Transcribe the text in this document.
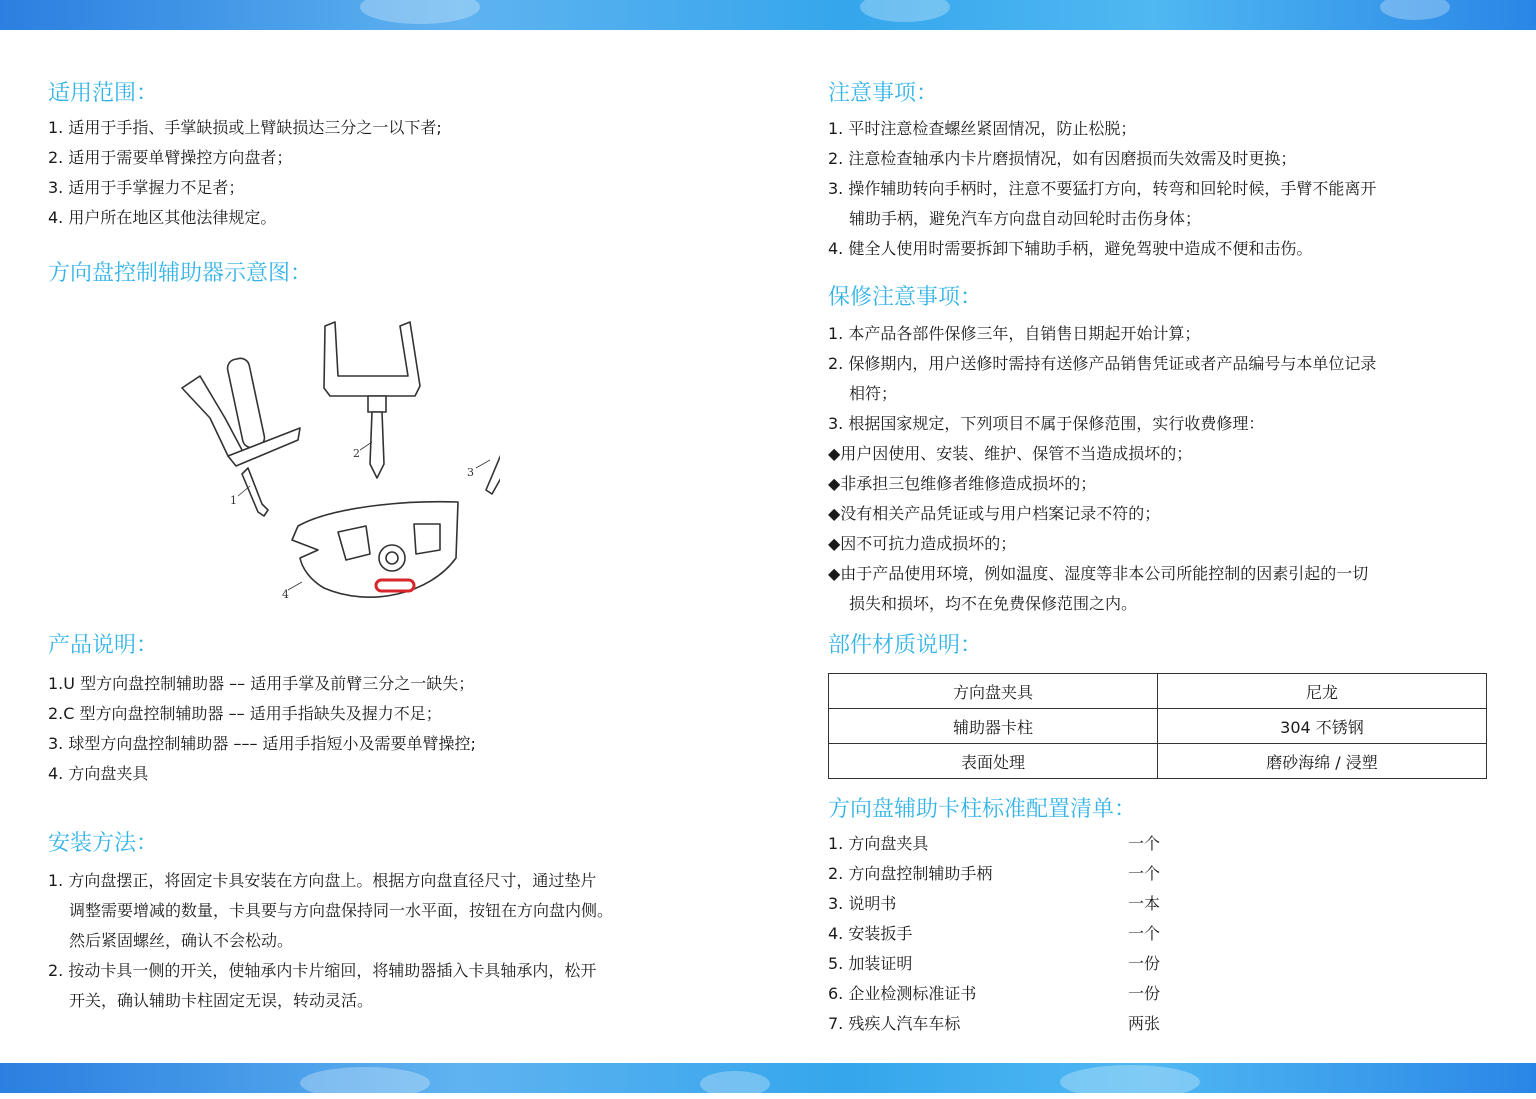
适用范围：
1. 适用于手指、手掌缺损或上臂缺损达三分之一以下者;
2. 适用于需要单臂操控方向盘者；
3. 适用于手掌握力不足者；
4. 用户所在地区其他法律规定。
方向盘控制辅助器示意图：
产品说明：
1.U 型方向盘控制辅助器 –– 适用手掌及前臂三分之一缺失；
2.C 型方向盘控制辅助器 –– 适用手指缺失及握力不足；
3. 球型方向盘控制辅助器 ––– 适用手指短小及需要单臂操控;
4. 方向盘夹具
安装方法：
1. 方向盘摆正，将固定卡具安装在方向盘上。根据方向盘直径尺寸，通过垫片
调整需要增减的数量，卡具要与方向盘保持同一水平面，按钮在方向盘内侧。
然后紧固螺丝，确认不会松动。
2. 按动卡具一侧的开关，使轴承内卡片缩回，将辅助器插入卡具轴承内，松开
开关，确认辅助卡柱固定无误，转动灵活。
1
2
3
4
注意事项：
1. 平时注意检查螺丝紧固情况，防止松脱；
2. 注意检查轴承内卡片磨损情况，如有因磨损而失效需及时更换；
3. 操作辅助转向手柄时，注意不要猛打方向，转弯和回轮时候，手臂不能离开
辅助手柄，避免汽车方向盘自动回轮时击伤身体；
4. 健全人使用时需要拆卸下辅助手柄，避免驾驶中造成不便和击伤。
保修注意事项：
1. 本产品各部件保修三年，自销售日期起开始计算；
2. 保修期内，用户送修时需持有送修产品销售凭证或者产品编号与本单位记录
相符；
3. 根据国家规定，下列项目不属于保修范围，实行收费修理：
◆用户因使用、安装、维护、保管不当造成损坏的；
◆非承担三包维修者维修造成损坏的；
◆没有相关产品凭证或与用户档案记录不符的；
◆因不可抗力造成损坏的；
◆由于产品使用环境，例如温度、湿度等非本公司所能控制的因素引起的一切
损失和损坏，均不在免费保修范围之内。
部件材质说明：
方向盘夹具	尼龙
辅助器卡柱	304 不锈钢
表面处理	磨砂海绵 / 浸塑
方向盘辅助卡柱标准配置清单：
1. 方向盘夹具	一个
2. 方向盘控制辅助手柄	一个
3. 说明书	一本
4. 安装扳手	一个
5. 加装证明	一份
6. 企业检测标准证书	一份
7. 残疾人汽车车标	两张
